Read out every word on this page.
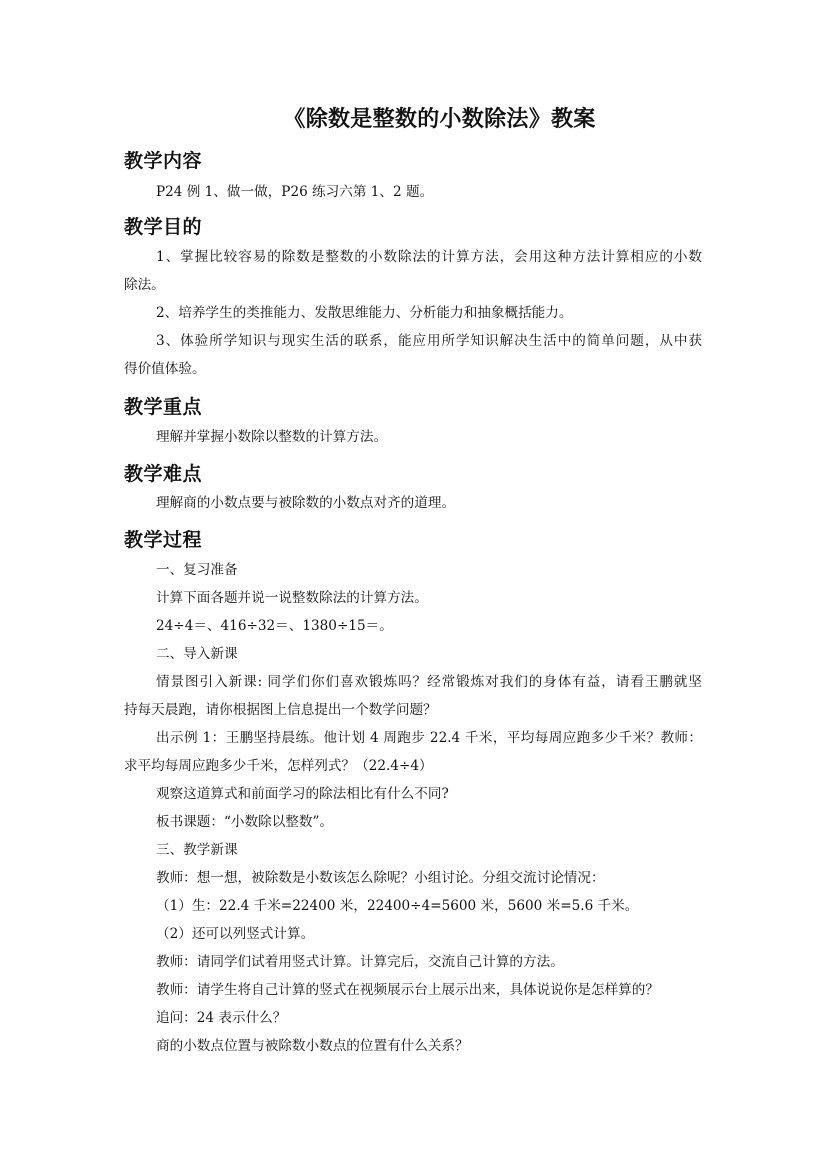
《除数是整数的小数除法》教案
教学内容
P24 例 1、做一做，P26 练习六第 1、2 题。
教学目的
1、掌握比较容易的除数是整数的小数除法的计算方法，会用这种方法计算相应的小数
除法。
2、培养学生的类推能力、发散思维能力、分析能力和抽象概括能力。
3、体验所学知识与现实生活的联系，能应用所学知识解决生活中的简单问题，从中获
得价值体验。
教学重点
理解并掌握小数除以整数的计算方法。
教学难点
理解商的小数点要与被除数的小数点对齐的道理。
教学过程
一、复习准备
计算下面各题并说一说整数除法的计算方法。
24÷4＝、416÷32＝、1380÷15＝。
二、导入新课
情景图引入新课: 同学们你们喜欢锻炼吗？经常锻炼对我们的身体有益，请看王鹏就坚
持每天晨跑，请你根据图上信息提出一个数学问题？
出示例 1：王鹏坚持晨练。他计划 4 周跑步 22.4 千米，平均每周应跑多少千米？教师：
求平均每周应跑多少千米，怎样列式？（22.4÷4）
观察这道算式和前面学习的除法相比有什么不同?
板书课题：“小数除以整数”。
三、教学新课
教师：想一想，被除数是小数该怎么除呢？小组讨论。分组交流讨论情况：
（1）生：22.4 千米=22400 米，22400÷4=5600 米，5600 米=5.6 千米。
（2）还可以列竖式计算。
教师：请同学们试着用竖式计算。计算完后，交流自己计算的方法。
教师：请学生将自己计算的竖式在视频展示台上展示出来，具体说说你是怎样算的？
追问：24 表示什么？
商的小数点位置与被除数小数点的位置有什么关系？
